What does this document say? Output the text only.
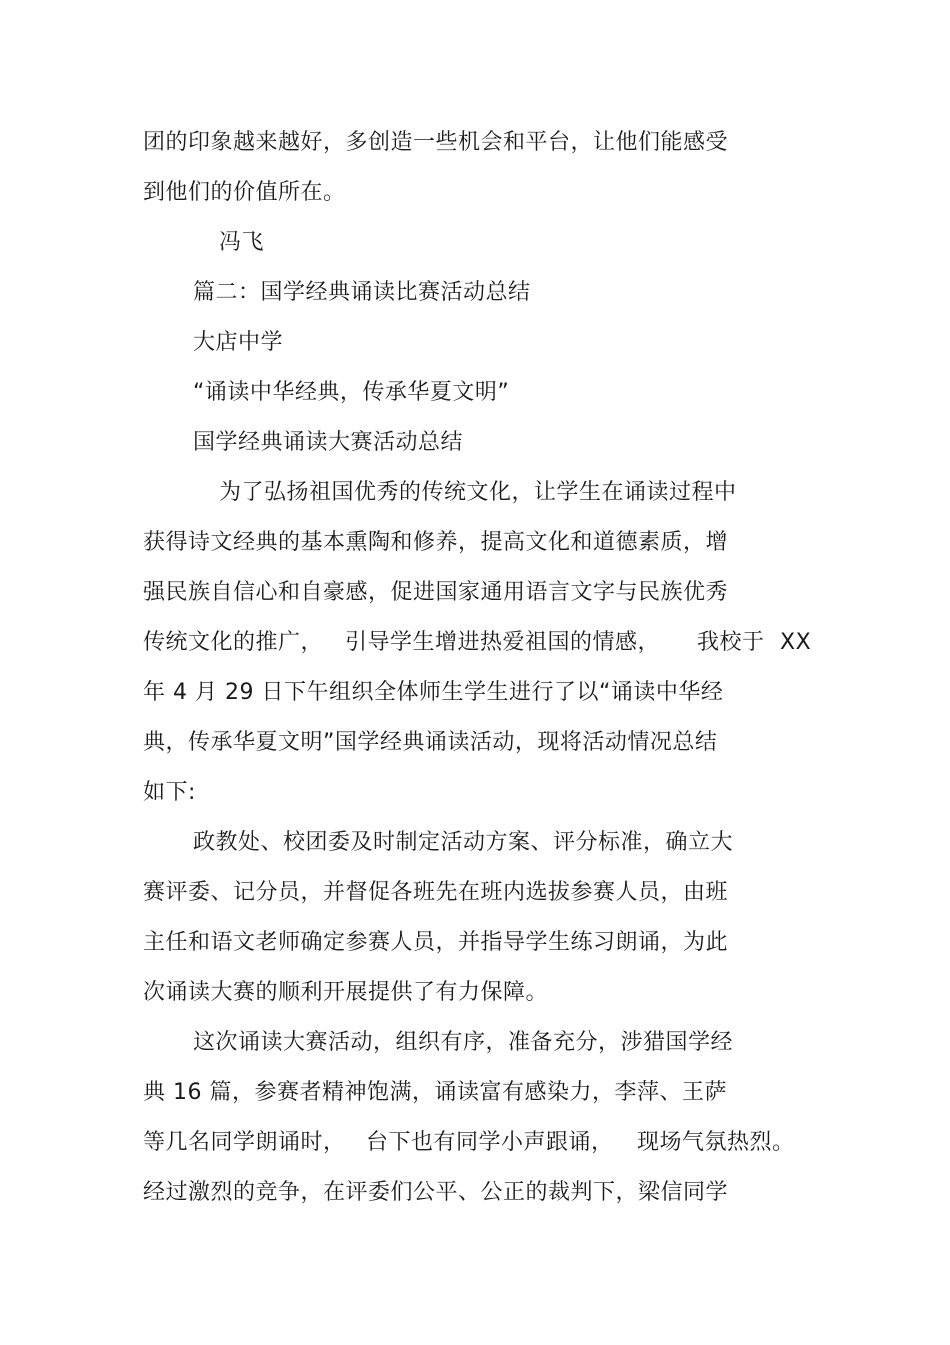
团的印象越来越好，多创造一些机会和平台，让他们能感受
到他们的价值所在。
冯飞
篇二：国学经典诵读比赛活动总结
大店中学
“诵读中华经典，传承华夏文明”
国学经典诵读大赛活动总结
为了弘扬祖国优秀的传统文化，让学生在诵读过程中
获得诗文经典的基本熏陶和修养，提高文化和道德素质，增
强民族自信心和自豪感，促进国家通用语言文字与民族优秀
传统文化的推广， 引导学生增进热爱祖国的情感， 我校于 XX
年 4 月 29 日下午组织全体师生学生进行了以“诵读中华经
典，传承华夏文明”国学经典诵读活动，现将活动情况总结
如下:
政教处、校团委及时制定活动方案、评分标准，确立大
赛评委、记分员，并督促各班先在班内选拔参赛人员，由班
主任和语文老师确定参赛人员，并指导学生练习朗诵，为此
次诵读大赛的顺利开展提供了有力保障。
这次诵读大赛活动，组织有序，准备充分，涉猎国学经
典 16 篇，参赛者精神饱满，诵读富有感染力，李萍、王萨
等几名同学朗诵时， 台下也有同学小声跟诵， 现场气氛热烈。
经过激烈的竞争，在评委们公平、公正的裁判下，梁信同学
